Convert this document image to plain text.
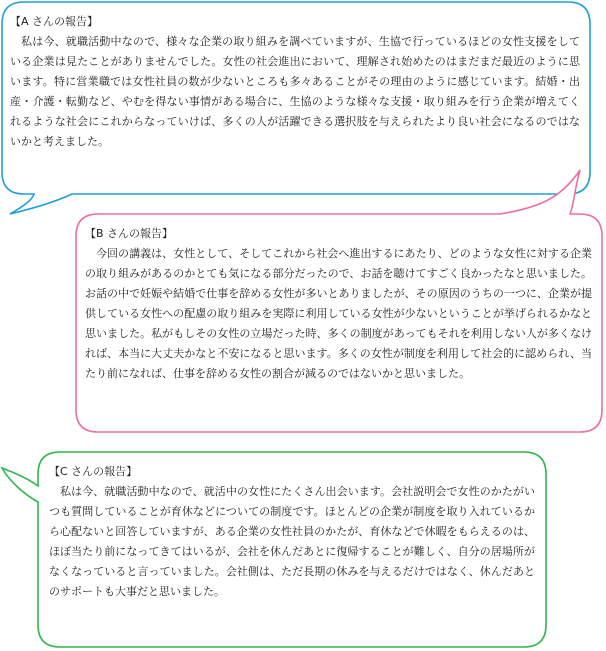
【A さんの報告】
私は今、就職活動中なので、様々な企業の取り組みを調べていますが、生協で行っているほどの女性支援をしている企業は見たことがありませんでした。女性の社会進出において、理解され始めたのはまだまだ最近のように思います。特に営業職では女性社員の数が少ないところも多々あることがその理由のように感じています。結婚・出産・介護・転勤など、やむを得ない事情がある場合に、生協のような様々な支援・取り組みを行う企業が増えてくれるような社会にこれからなっていけば、多くの人が活躍できる選択肢を与えられたより良い社会になるのではないかと考えました。
【B さんの報告】
今回の講義は、女性として、そしてこれから社会へ進出するにあたり、どのような女性に対する企業の取り組みがあるのかとても気になる部分だったので、お話を聴けてすごく良かったなと思いました。お話の中で妊娠や結婚で仕事を辞める女性が多いとありましたが、その原因のうちの一つに、企業が提供している女性への配慮の取り組みを実際に利用している女性が少ないということが挙げられるかなと思いました。私がもしその女性の立場だった時、多くの制度があってもそれを利用しない人が多くなければ、本当に大丈夫かなと不安になると思います。多くの女性が制度を利用して社会的に認められ、当たり前になれば、仕事を辞める女性の割合が減るのではないかと思いました。
【C さんの報告】
私は今、就職活動中なので、就活中の女性にたくさん出会います。会社説明会で女性のかたがいつも質問していることが育休などについての制度です。ほとんどの企業が制度を取り入れているから心配ないと回答していますが、ある企業の女性社員のかたが、育休などで休暇をもらえるのは、ほぼ当たり前になってきてはいるが、会社を休んだあとに復帰することが難しく、自分の居場所がなくなっていると言っていました。会社側は、ただ長期の休みを与えるだけではなく、休んだあとのサポートも大事だと思いました。
